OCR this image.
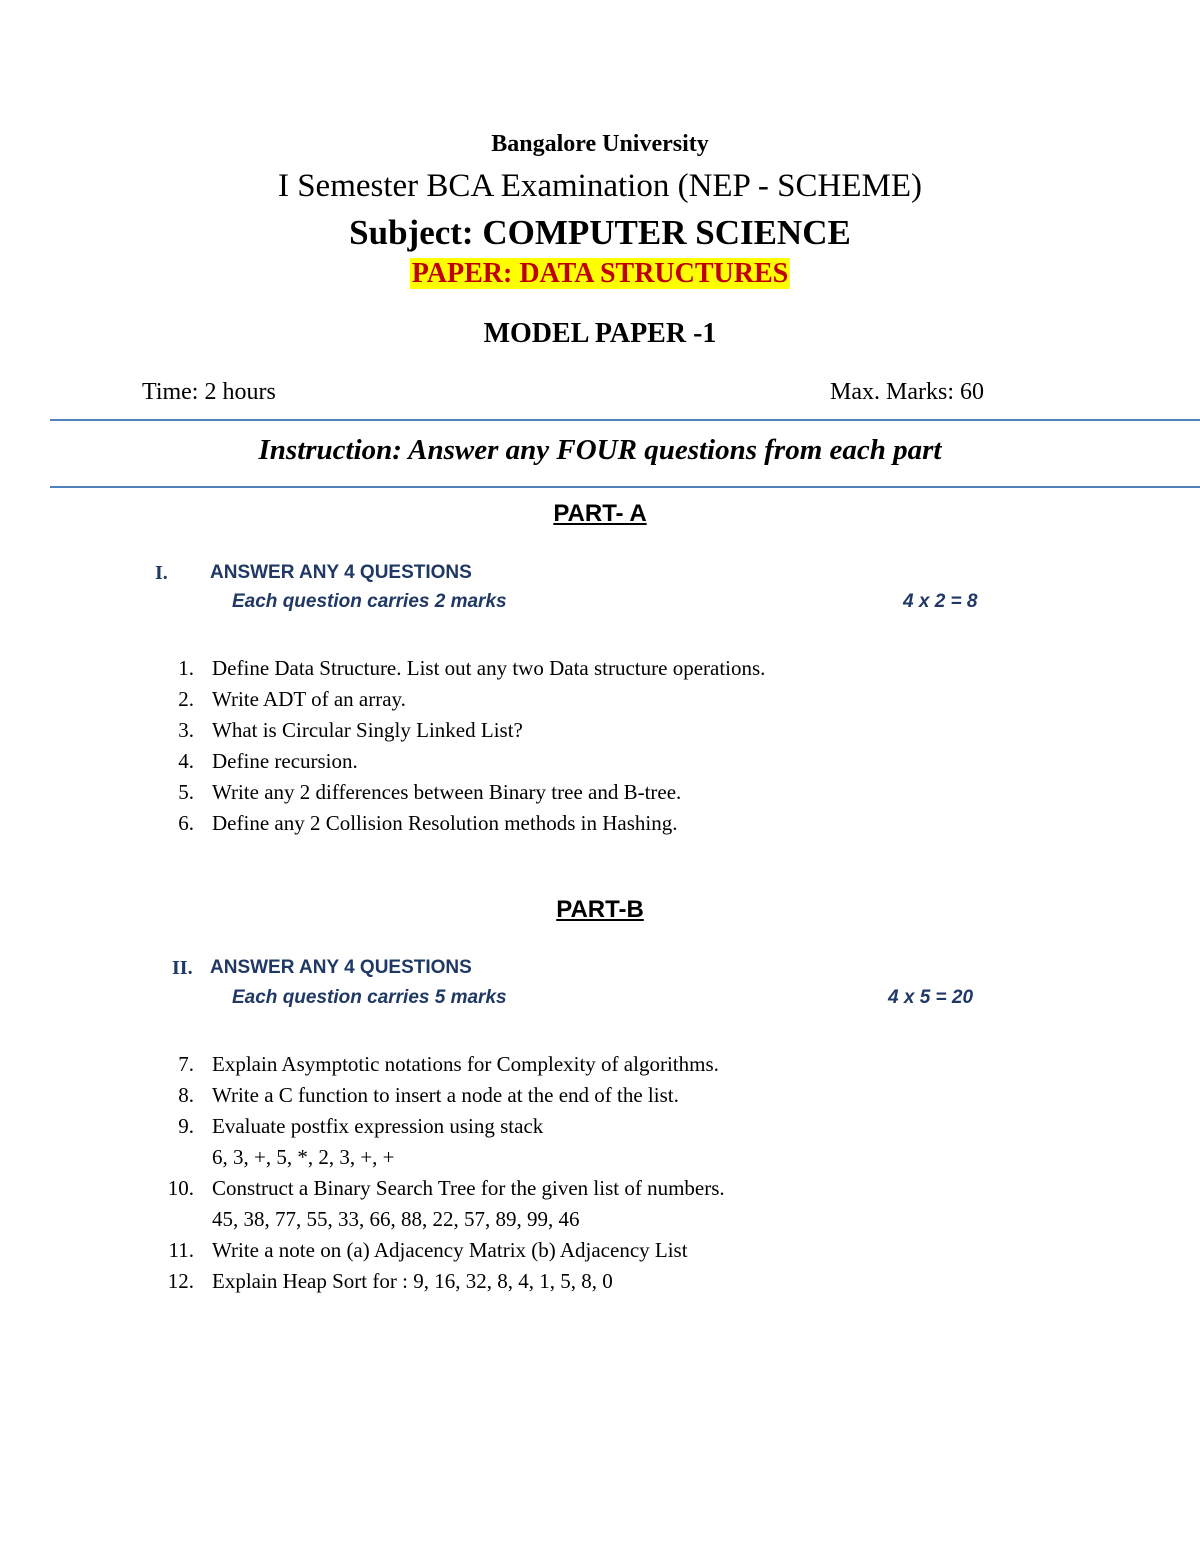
Bangalore University
I Semester BCA Examination (NEP - SCHEME)
Subject: COMPUTER SCIENCE
PAPER: DATA STRUCTURES
MODEL PAPER -1
Time: 2 hours	Max. Marks: 60
Instruction: Answer any FOUR questions from each part
PART- A
I. ANSWER ANY 4 QUESTIONS
Each question carries 2 marks	4 x 2 = 8
1. Define Data Structure. List out any two Data structure operations.
2. Write ADT of an array.
3. What is Circular Singly Linked List?
4. Define recursion.
5. Write any 2 differences between Binary tree and B-tree.
6. Define any 2 Collision Resolution methods in Hashing.
PART-B
II. ANSWER ANY 4 QUESTIONS
Each question carries 5 marks	4 x 5 = 20
7. Explain Asymptotic notations for Complexity of algorithms.
8. Write a C function to insert a node at the end of the list.
9. Evaluate postfix expression using stack
6, 3, +, 5, *, 2, 3, +, +
10. Construct a Binary Search Tree for the given list of numbers.
45, 38, 77, 55, 33, 66, 88, 22, 57, 89, 99, 46
11. Write a note on (a) Adjacency Matrix (b) Adjacency List
12. Explain Heap Sort for : 9, 16, 32, 8, 4, 1, 5, 8, 0
